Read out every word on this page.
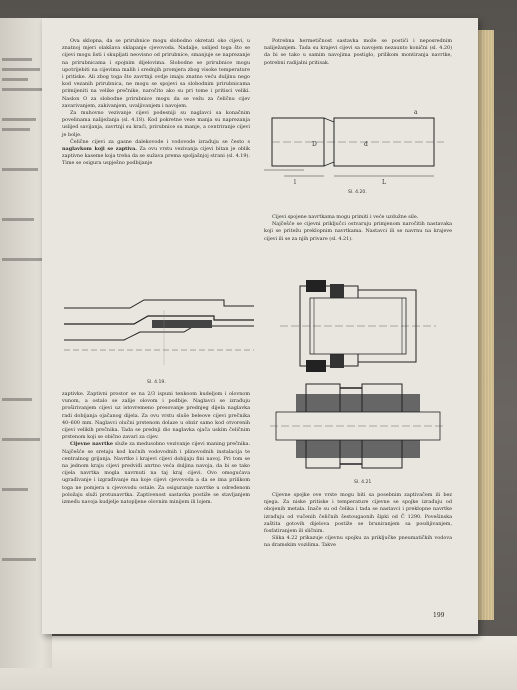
Ova sklopna, da se prirubnice mogu slobodno okretati oko cijevi, u znatnoj mjeri olakšava sklapanje cjevovoda. Nadalje, uslijed toga što se cijevi mogu listi i skupljati neovisno od prirubnice, smanjuje se naprezanje na prirubnicama i spojnim dijelovima. Slobodne se prirubnice mogu upotrijebiti na cijevima malih i srednjih promjera zbog visoke temperature i pritiske. Ali zbog toga što zavrtnji ovdje imaju znatno veću duljinu nego kod vezanih prirubnica, ne mogu se spojevi sa slobodnim prirubnicama primijeniti na velike prečnike, naročito ako su pri tome i pritisci veliki. Naslon O za slobodne prirubnice mogu da se vežu za čeličnu cijev zavarivanjem, zakivanjem, uvaljivanjem i navojem.

Za muhovno vezivanje cijevi podesniji su naglavci sa konačnim povelinama naliježanja (sl. 4.18). Kod pokretne veze manja su naprezanja uslijed savijanja, zavrtnji su kraći, prirubnice su manje, a centriranje cijevi je bolje.

Čelične cijevi za gasne dalekovode i vodovode izrađuju se često s naglavkom koji se zaptiva. Za ovu vrstu vezivanja cijevi bitan je oblik zaptivne kaseme koja treba da se sužava prema spoljašnjoj strani (sl. 4.19). Time se osigura uspješno podbijanje

Sl. 4.19.

zaptivke. Zaptivni prostor se na 2/3 ispuni tenkoom kudeljom i olovnom vunom, a ostalo se zalije olovom i podbije. Naglavci se izrađuju proširivanjem cijevi uz istovremeno presovanje prednjeg dijela naglavka radi dobijanja ojačanog dijela. Za ovu vrstu sluše beleove cijevi prečnika 40–600 mm. Naglavci olučni prstenom dolaze u obzir samo kod otvorenih cijevi velikih prečnika. Tada se prednji dio naglavka ojača uskim čeličnim prstenom koji se obično zavari za cijev.

Cijevne navrtke služe za medusobno vezivanje cijevi maning prečnika. Najčešće se sretaju kod kućnih vodovodnih i plinovodnih instalacija te centralnog grijanja. Navrtke i krajevi cijevi dobijaju fini navoj. Pri tom se na jednom kraju cijevi predviđi anrtno veća duljina navoja, da bi se tako cijela navrtka mogla navrnuti na taj kraj cijevi. Ovo omogućava ugrađivanje i izgrađivanje ma koje cijevi cjevovoda a da se ima prilikom toga ne pomjera u cjevovodu ostale. Za osiguranje navrtke u određenom položaju služi protunavrtka. Zaptivenost sastavka postiže se stavljanjem između navoja kudjelje natopljene olovnim minijem ili lojem.

Potrebna hermetičnost sastavka može se postići i neposrednim naliježanjem. Tada su krajevi cijevi sa navojem nezaunto konični (sl. 4.20) da bi se tako u samim navojima postiglo, prilikom montiranja navrtke, potrebni radijalni pritisak.

l	L
D
a
d
Sl. 4.20.

Cijevi spojene navrtkama mogu primiti i veće uzdužne sile.

Najčešće se cijevni priključci ostvaruju primjenom naročitih nastavaka koji se pritežu preklopnim navrtkama. Nastavci ili se navrnu na krajeve cijevi ili se za njih privare (sl. 4.21).

Sl. 4.21

Cijevne spojke ove vrste mogu biti sa posebnim zaptivačem ili bez njega. Za niske pritiske i temperature cijevne se spojke izrađuju od obojenih metala. Inače su od čelika i tada se nastavci i preklopne navrtke izrađuju od vučenih čeličnih šestougaonih šipki od Č 1290. Povešinska zaštita gotovih dijelova postiže se bruniranjem sa posdijivanjem, fosfatiranjem ili sličnim.

Slika 4.22 prikazuje cijevnu spojku za priključke pneumatičkih vodova na dramskim vozilima. Takve

199
